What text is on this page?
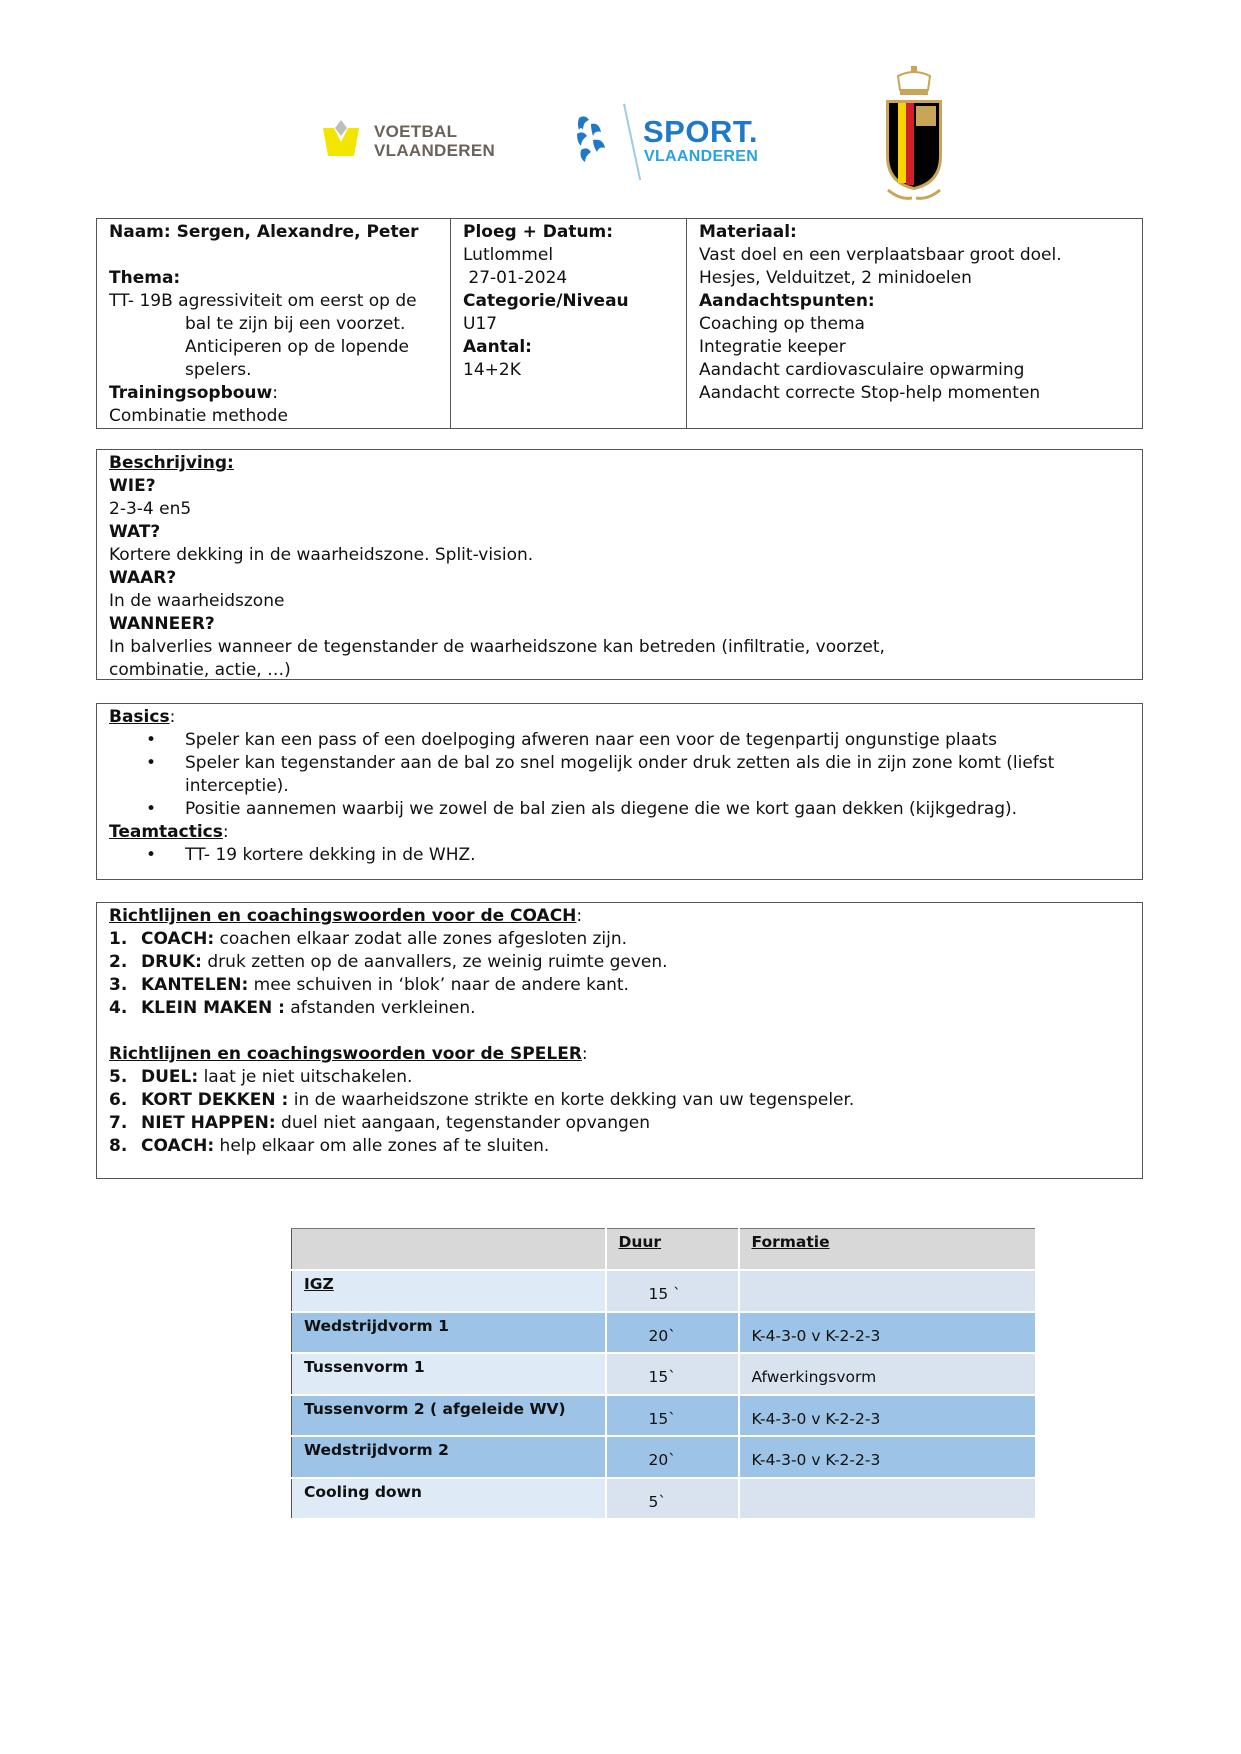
VOETBAL
VLAANDEREN
SPORT.
VLAANDEREN
Naam: Sergen, Alexandre, Peter
Thema:
TT- 19B agressiviteit om eerst op de
bal te zijn bij een voorzet.
Anticiperen op de lopende
spelers.
Trainingsopbouw:
Combinatie methode
Ploeg + Datum:
Lutlommel
27-01-2024
Categorie/Niveau
U17
Aantal:
14+2K
Materiaal:
Vast doel en een verplaatsbaar groot doel.
Hesjes, Velduitzet, 2 minidoelen
Aandachtspunten:
Coaching op thema
Integratie keeper
Aandacht cardiovasculaire opwarming
Aandacht correcte Stop-help momenten
Beschrijving:
WIE?
2-3-4 en5
WAT?
Kortere dekking in de waarheidszone. Split-vision.
WAAR?
In de waarheidszone
WANNEER?
In balverlies wanneer de tegenstander de waarheidszone kan betreden (infiltratie, voorzet,
combinatie, actie, …)
Basics:
• Speler kan een pass of een doelpoging afweren naar een voor de tegenpartij ongunstige plaats
• Speler kan tegenstander aan de bal zo snel mogelijk onder druk zetten als die in zijn zone komt (liefst interceptie).
• Positie aannemen waarbij we zowel de bal zien als diegene die we kort gaan dekken (kijkgedrag).
Teamtactics:
• TT- 19 kortere dekking in de WHZ.
Richtlijnen en coachingswoorden voor de COACH:
1. COACH: coachen elkaar zodat alle zones afgesloten zijn.
2. DRUK: druk zetten op de aanvallers, ze weinig ruimte geven.
3. KANTELEN: mee schuiven in ‘blok’ naar de andere kant.
4. KLEIN MAKEN : afstanden verkleinen.
Richtlijnen en coachingswoorden voor de SPELER:
5. DUEL: laat je niet uitschakelen.
6. KORT DEKKEN : in de waarheidszone strikte en korte dekking van uw tegenspeler.
7. NIET HAPPEN: duel niet aangaan, tegenstander opvangen
8. COACH: help elkaar om alle zones af te sluiten.
	Duur	Formatie
IGZ	15 `	
Wedstrijdvorm 1	20`	K-4-3-0 v K-2-2-3
Tussenvorm 1	15`	Afwerkingsvorm
Tussenvorm 2 ( afgeleide WV)	15`	K-4-3-0 v K-2-2-3
Wedstrijdvorm 2	20`	K-4-3-0 v K-2-2-3
Cooling down	5`	
